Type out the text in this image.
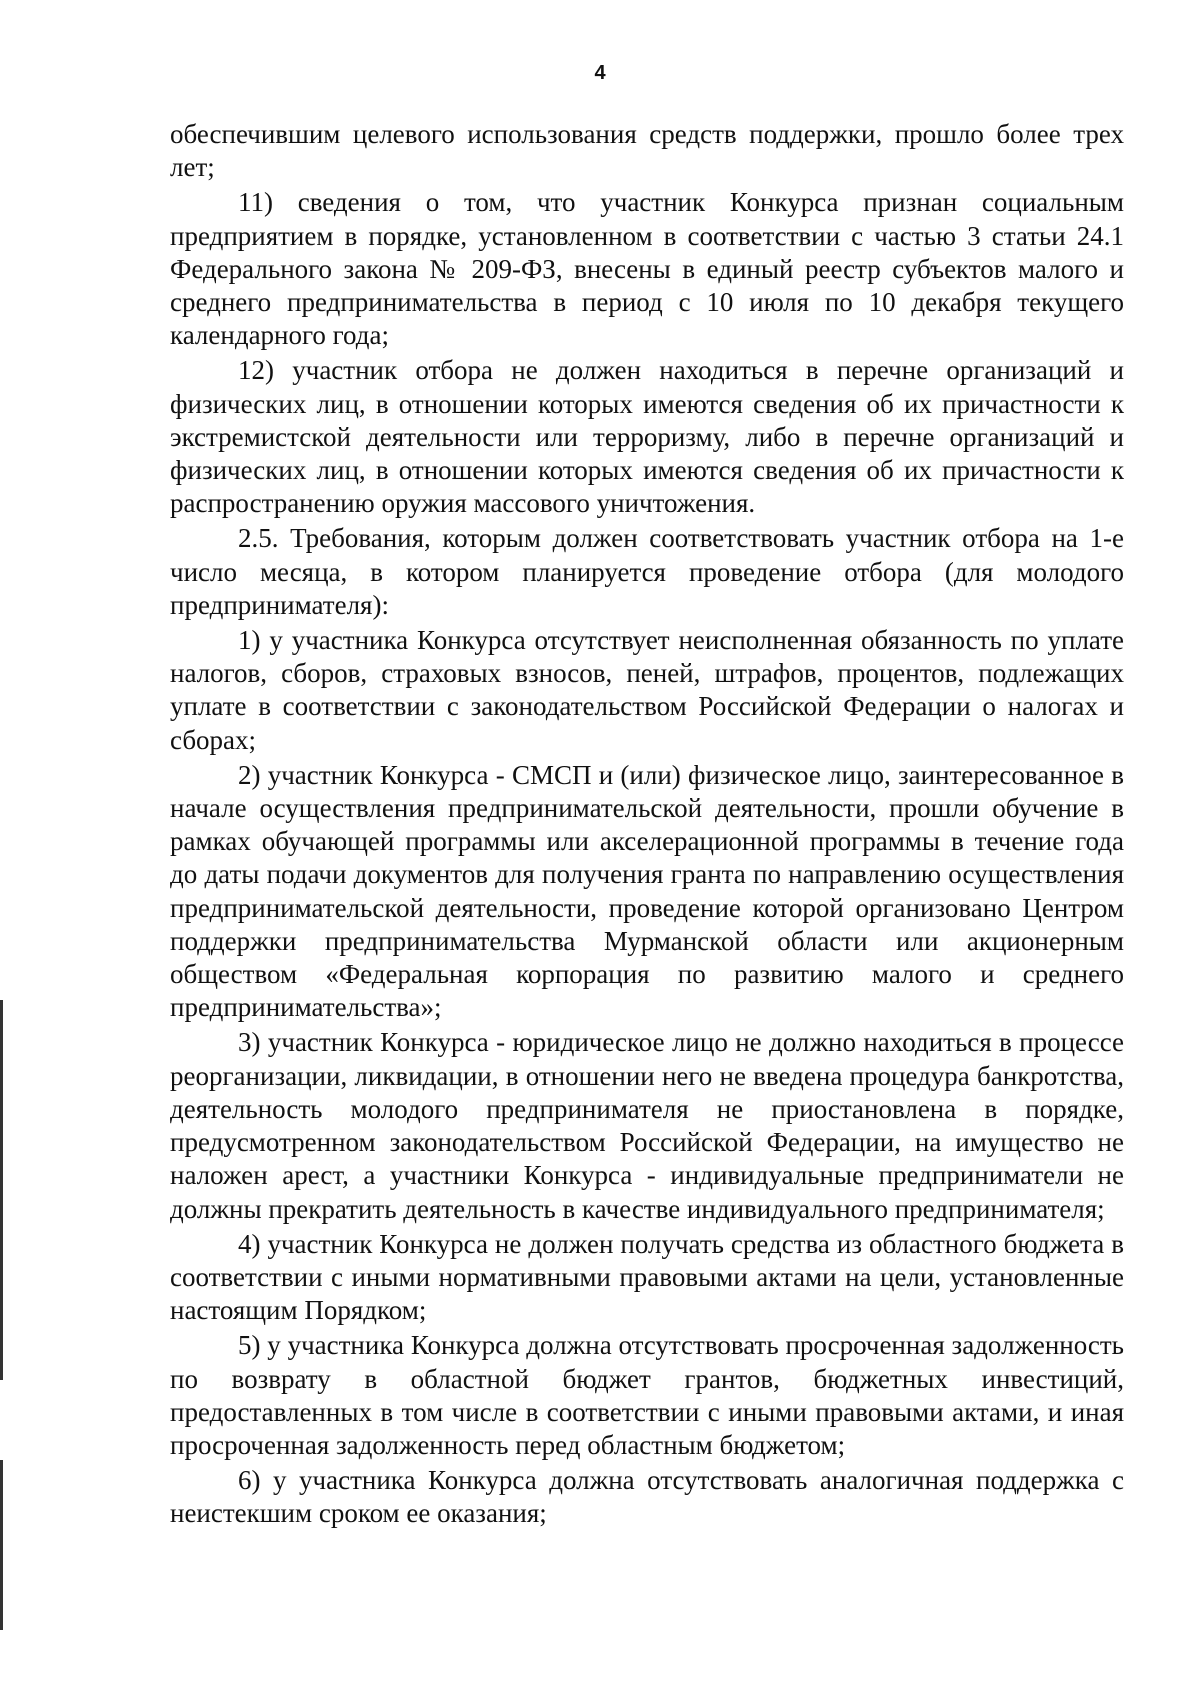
4

обеспечившим целевого использования средств поддержки, прошло более трех лет;

11) сведения о том, что участник Конкурса признан социальным предприятием в порядке, установленном в соответствии с частью 3 статьи 24.1 Федерального закона № 209-ФЗ, внесены в единый реестр субъектов малого и среднего предпринимательства в период с 10 июля по 10 декабря текущего календарного года;

12) участник отбора не должен находиться в перечне организаций и физических лиц, в отношении которых имеются сведения об их причастности к экстремистской деятельности или терроризму, либо в перечне организаций и физических лиц, в отношении которых имеются сведения об их причастности к распространению оружия массового уничтожения.

2.5. Требования, которым должен соответствовать участник отбора на 1-е число месяца, в котором планируется проведение отбора (для молодого предпринимателя):

1) у участника Конкурса отсутствует неисполненная обязанность по уплате налогов, сборов, страховых взносов, пеней, штрафов, процентов, подлежащих уплате в соответствии с законодательством Российской Федерации о налогах и сборах;

2) участник Конкурса - СМСП и (или) физическое лицо, заинтересованное в начале осуществления предпринимательской деятельности, прошли обучение в рамках обучающей программы или акселерационной программы в течение года до даты подачи документов для получения гранта по направлению осуществления предпринимательской деятельности, проведение которой организовано Центром поддержки предпринимательства Мурманской области или акционерным обществом «Федеральная корпорация по развитию малого и среднего предпринимательства»;

3) участник Конкурса - юридическое лицо не должно находиться в процессе реорганизации, ликвидации, в отношении него не введена процедура банкротства, деятельность молодого предпринимателя не приостановлена в порядке, предусмотренном законодательством Российской Федерации, на имущество не наложен арест, а участники Конкурса - индивидуальные предприниматели не должны прекратить деятельность в качестве индивидуального предпринимателя;

4) участник Конкурса не должен получать средства из областного бюджета в соответствии с иными нормативными правовыми актами на цели, установленные настоящим Порядком;

5) у участника Конкурса должна отсутствовать просроченная задолженность по возврату в областной бюджет грантов, бюджетных инвестиций, предоставленных в том числе в соответствии с иными правовыми актами, и иная просроченная задолженность перед областным бюджетом;

6) у участника Конкурса должна отсутствовать аналогичная поддержка с неистекшим сроком ее оказания;
